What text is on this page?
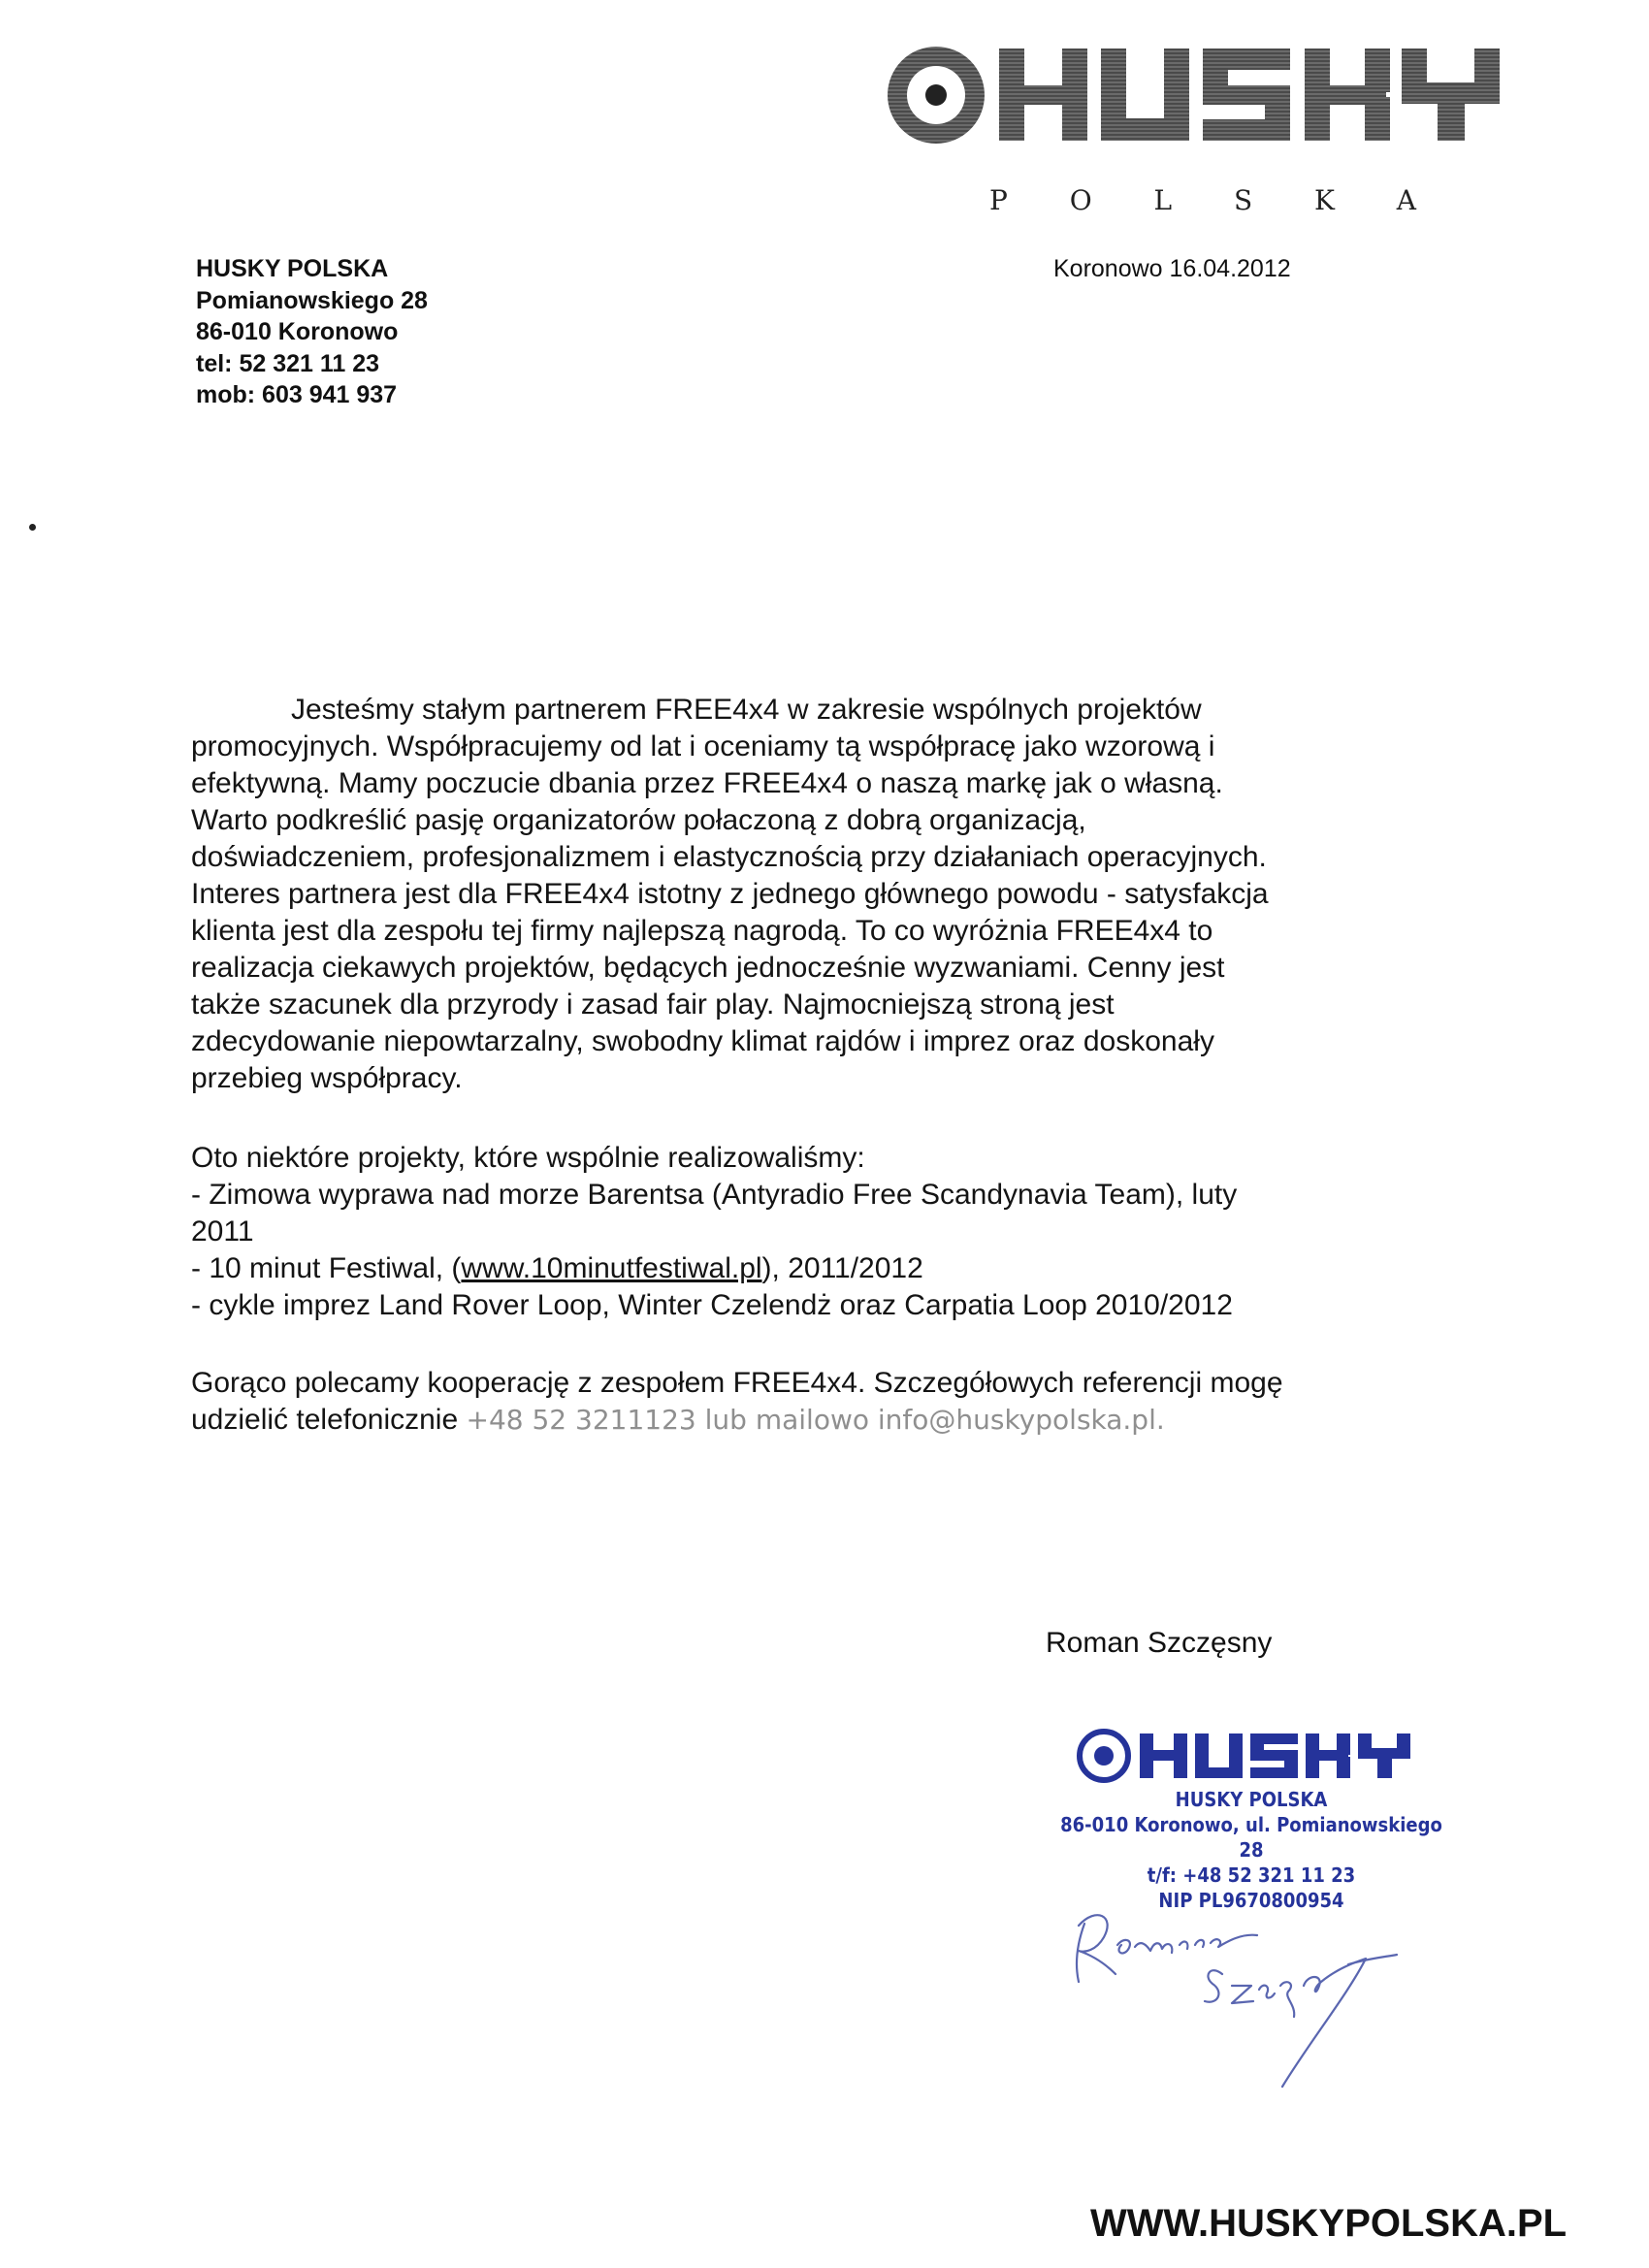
P O L S K A
HUSKY POLSKA
Pomianowskiego 28
86-010 Koronowo
tel: 52 321 11 23
mob: 603 941 937
Koronowo 16.04.2012
Jesteśmy stałym partnerem FREE4x4 w zakresie wspólnych projektów
promocyjnych. Współpracujemy od lat i oceniamy tą współpracę jako wzorową i
efektywną. Mamy poczucie dbania przez FREE4x4 o naszą markę jak o własną.
Warto podkreślić pasję organizatorów połaczoną z dobrą organizacją,
doświadczeniem, profesjonalizmem i elastycznością przy działaniach operacyjnych.
Interes partnera jest dla FREE4x4 istotny z jednego głównego powodu - satysfakcja
klienta jest dla zespołu tej firmy najlepszą nagrodą. To co wyróżnia FREE4x4 to
realizacja ciekawych projektów, będących jednocześnie wyzwaniami. Cenny jest
także szacunek dla przyrody i zasad fair play. Najmocniejszą stroną jest
zdecydowanie niepowtarzalny, swobodny klimat rajdów i imprez oraz doskonały
przebieg współpracy.
Oto niektóre projekty, które wspólnie realizowaliśmy:
- Zimowa wyprawa nad morze Barentsa (Antyradio Free Scandynavia Team), luty
2011
- 10 minut Festiwal, (www.10minutfestiwal.pl), 2011/2012
- cykle imprez Land Rover Loop, Winter Czelendż oraz Carpatia Loop 2010/2012
Gorąco polecamy kooperację z zespołem FREE4x4. Szczegółowych referencji mogę
udzielić telefonicznie +48 52 3211123 lub mailowo info@huskypolska.pl.
Roman Szczęsny
HUSKY POLSKA
86-010 Koronowo, ul. Pomianowskiego 28
t/f: +48 52 321 11 23
NIP PL9670800954
WWW.HUSKYPOLSKA.PL
